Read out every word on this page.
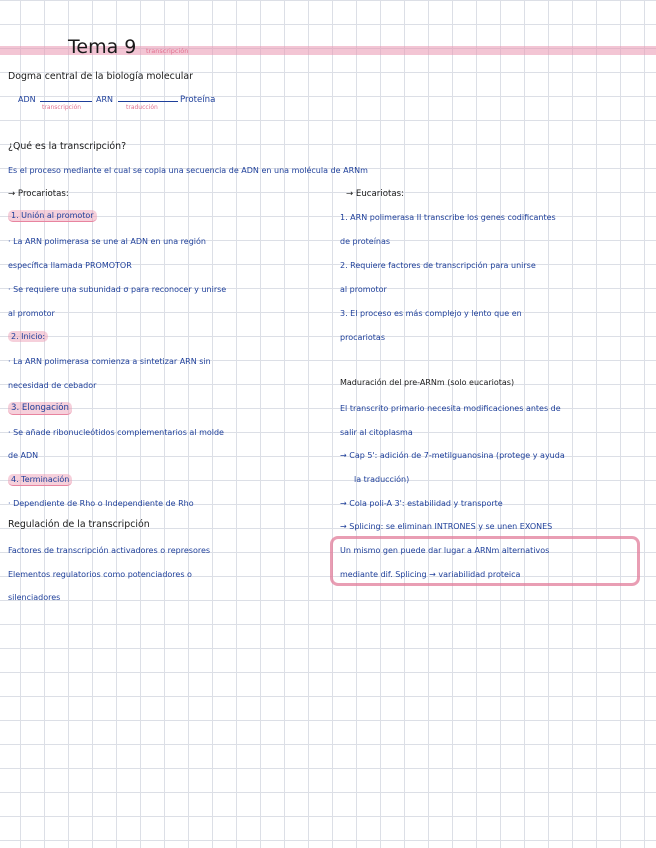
Tema 9 transcripción
Dogma central de la biología molecular
ADN
transcripción
ARN
traducción
Proteína
¿Qué es la transcripción?
Es el proceso mediante el cual se copia una secuencia de ADN en una molécula de ARNm
→ Procariotas:
1. Unión al promotor
· La ARN polimerasa se une al ADN en una región
específica llamada PROMOTOR
· Se requiere una subunidad σ para reconocer y unirse
al promotor
2. Inicio:
· La ARN polimerasa comienza a sintetizar ARN sin
necesidad de cebador
3. Elongación
· Se añade ribonucleótidos complementarios al molde
de ADN
4. Terminación
· Dependiente de Rho o Independiente de Rho
Regulación de la transcripción
Factores de transcripción activadores o represores
Elementos regulatorios como potenciadores o
silenciadores
→ Eucariotas:
1. ARN polimerasa II transcribe los genes codificantes
de proteínas
2. Requiere factores de transcripción para unirse
al promotor
3. El proceso es más complejo y lento que en
procariotas
Maduración del pre-ARNm (solo eucariotas)
El transcrito primario necesita modificaciones antes de
salir al citoplasma
→ Cap 5': adición de 7-metilguanosina (protege y ayuda
la traducción)
→ Cola poli-A 3': estabilidad y transporte
→ Splicing: se eliminan INTRONES y se unen EXONES
Un mismo gen puede dar lugar a ARNm alternativos
mediante dif. Splicing → variabilidad proteica
